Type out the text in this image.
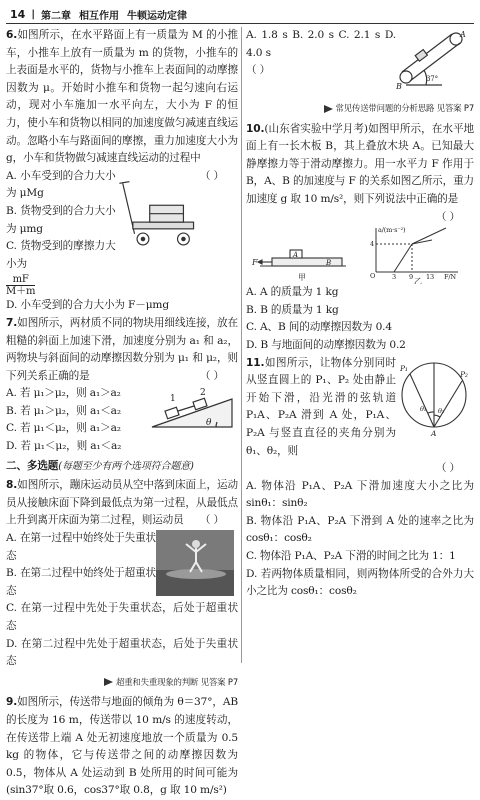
14 | 第二章 相互作用 牛顿运动定律

6.如图所示，在水平路面上有一质量为 M 的小推车，小推车上放有一质量为 m 的货物，小推车的上表面是水平的，货物与小推车上表面间的动摩擦因数为 μ。开始时小推车和货物一起匀速向右运动，现对小车施加一水平向左，大小为 F 的恒力，使小车和货物以相同的加速度做匀减速直线运动。忽略小车与路面间的摩擦，重力加速度大小为 g，小车和货物做匀减速直线运动的过程中
（ ）

A. 小车受到的合力大小为 μMg

B. 货物受到的合力大小为 μmg

C. 货物受到的摩擦力大小为

$\frac{mF}{M+m}$

D. 小车受到的合力大小为 F－μmg

7.如图所示，两材质不同的物块用细线连接，放在粗糙的斜面上加速下滑，加速度分别为 a₁ 和 a₂，两物块与斜面间的动摩擦因数分别为 μ₁ 和 μ₂，则下列关系正确的是	（ ）

A. 若 μ₁＞μ₂，则 a₁＞a₂

B. 若 μ₁＞μ₂，则 a₁＜a₂

C. 若 μ₁＜μ₂，则 a₁＞a₂

D. 若 μ₁＜μ₂，则 a₁＜a₂

1
2
θ

二、多选题(每题至少有两个选项符合题意)

8.如图所示，蹦床运动员从空中落到床面上，运动员从接触床面下降到最低点为第一过程，从最低点上升到离开床面为第二过程，则运动员 （ ）

A. 在第一过程中始终处于失重状态

B. 在第二过程中始终处于超重状态

C. 在第一过程中先处于失重状态，后处于超重状态

D. 在第二过程中先处于超重状态，后处于失重状态

超重和失重现象的判断 见答案 P7

9.如图所示，传送带与地面的倾角为 θ＝37°，AB 的长度为 16 m，传送带以 10 m/s 的速度转动，在传送带上端 A 处无初速度地放一个质量为 0.5 kg 的物体，它与传送带之间的动摩擦因数为 0.5，物体从 A 处运动到 B 处所用的时间可能为(sin37°取 0.6，cos37°取 0.8，g 取 10 m/s²)

A. 1.8 s B. 2.0 s C. 2.1 s D. 4.0 s

（ ）

A
B
37°
常见传送带问题的分析思路 见答案 P7

10.(山东省实验中学月考)如图甲所示，在水平地面上有一长木板 B，其上叠放木块 A。已知最大静摩擦力等于滑动摩擦力。用一水平力 F 作用于 B，A、B 的加速度与 F 的关系如图乙所示，重力加速度 g 取 10 m/s²，则下列说法中正确的是
（ ）

F
A
B
甲
a/(m·s⁻²)
4
O	3 9 13 F/N
乙

A. A 的质量为 1 kg

B. B 的质量为 1 kg

C. A、B 间的动摩擦因数为 0.4

D. B 与地面间的动摩擦因数为 0.2

11.如图所示，让物体分别同时从竖直圆上的 P₁、P₂ 处由静止开始下滑，沿光滑的弦轨道 P₁A、P₂A 滑到 A 处，P₁A、P₂A 与竖直直径的夹角分别为 θ₁、θ₂，则

P₁
P₂
A
θ₁ θ₂

（ ）

A. 物体沿 P₁A、P₂A 下滑加速度大小之比为 sinθ₁：sinθ₂

B. 物体沿 P₁A、P₂A 下滑到 A 处的速率之比为 cosθ₁：cosθ₂

C. 物体沿 P₁A、P₂A 下滑的时间之比为 1：1

D. 若两物体质量相同，则两物体所受的合外力大小之比为 cosθ₁：cosθ₂
